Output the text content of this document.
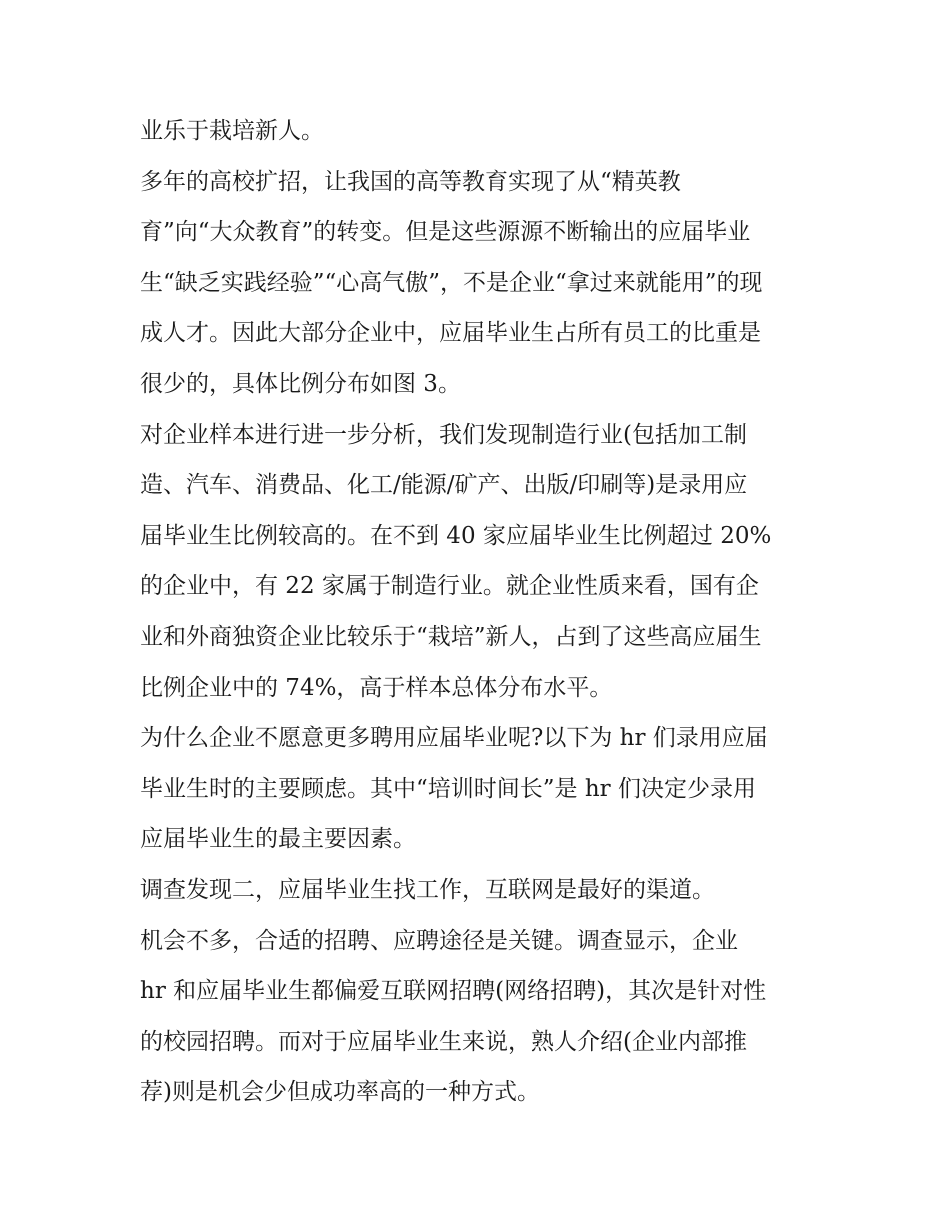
业乐于栽培新人。
多年的高校扩招，让我国的高等教育实现了从“精英教
育”向“大众教育”的转变。但是这些源源不断输出的应届毕业
生“缺乏实践经验”“心高气傲”，不是企业“拿过来就能用”的现
成人才。因此大部分企业中，应届毕业生占所有员工的比重是
很少的，具体比例分布如图 3。
对企业样本进行进一步分析，我们发现制造行业(包括加工制
造、汽车、消费品、化工/能源/矿产、出版/印刷等)是录用应
届毕业生比例较高的。在不到 40 家应届毕业生比例超过 20%
的企业中，有 22 家属于制造行业。就企业性质来看，国有企
业和外商独资企业比较乐于“栽培”新人，占到了这些高应届生
比例企业中的 74%，高于样本总体分布水平。
为什么企业不愿意更多聘用应届毕业呢?以下为 hr 们录用应届
毕业生时的主要顾虑。其中“培训时间长”是 hr 们决定少录用
应届毕业生的最主要因素。
调查发现二，应届毕业生找工作，互联网是最好的渠道。
机会不多，合适的招聘、应聘途径是关键。调查显示，企业
hr 和应届毕业生都偏爱互联网招聘(网络招聘)，其次是针对性
的校园招聘。而对于应届毕业生来说，熟人介绍(企业内部推
荐)则是机会少但成功率高的一种方式。
